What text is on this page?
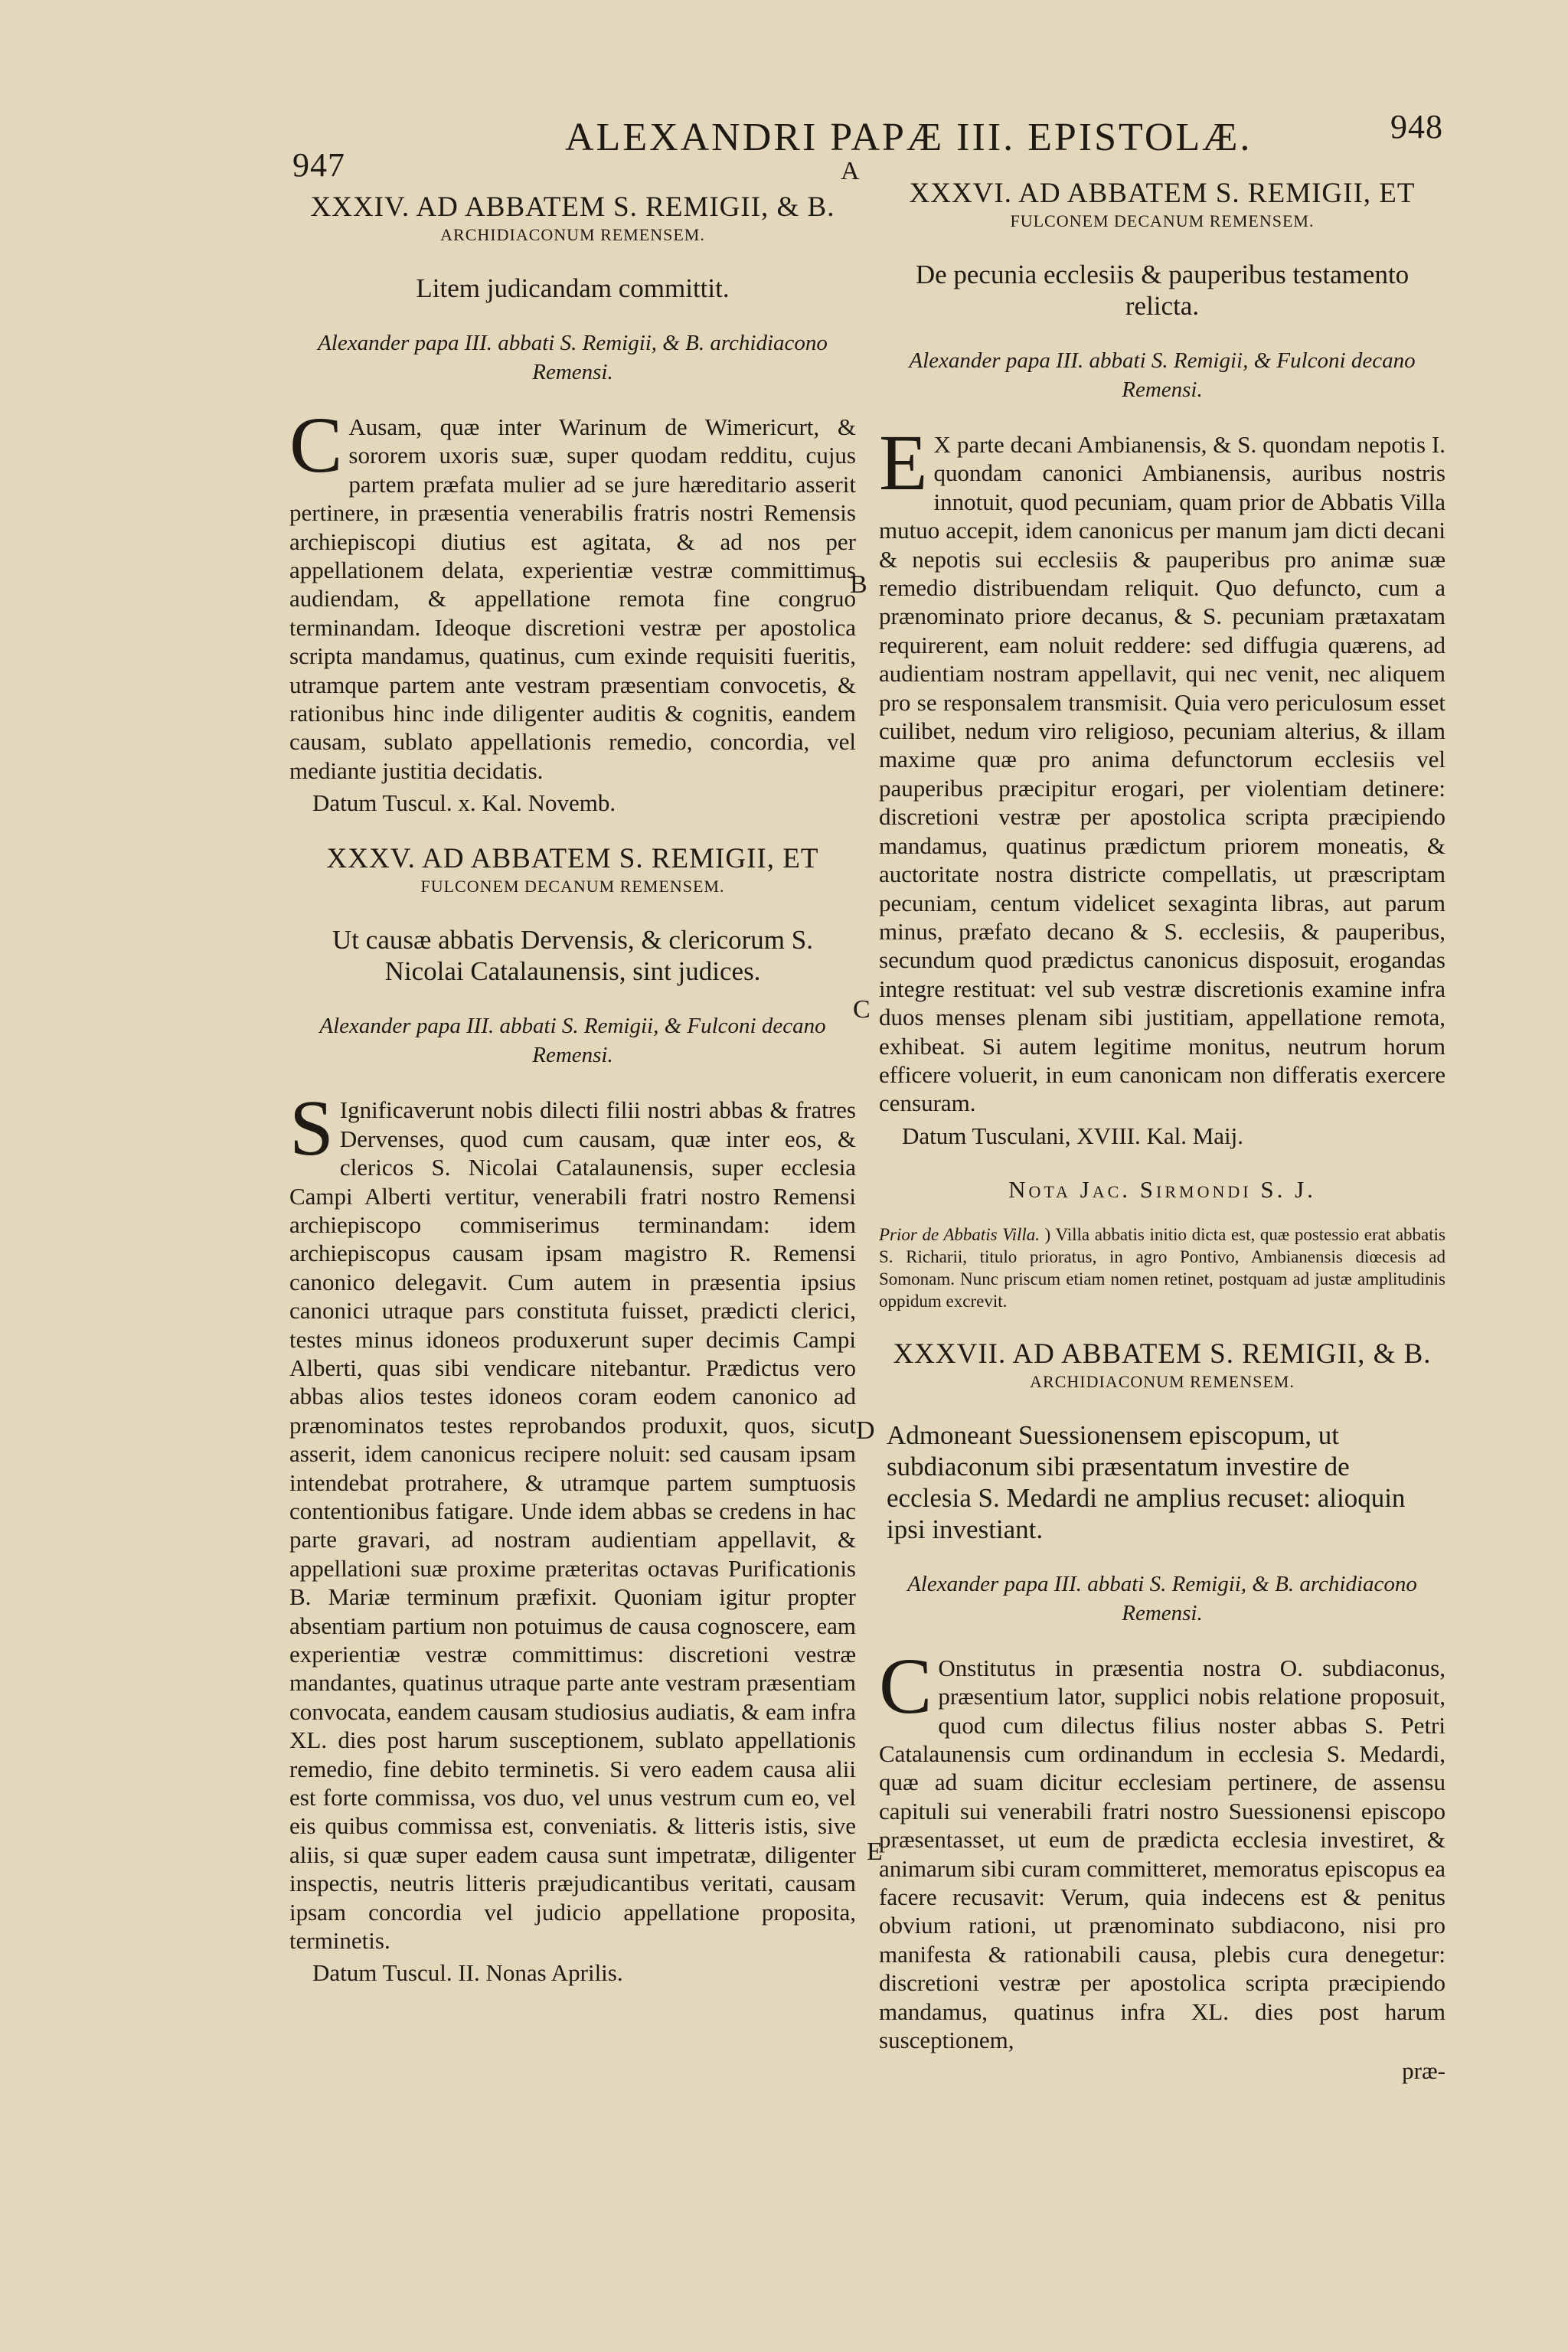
947
ALEXANDRI PAPÆ III. EPISTOLÆ.	948
A
B
C
D
E
XXXIV. AD ABBATEM S. REMIGII, & B.
ARCHIDIACONUM REMENSEM.
Litem judicandam committit.
Alexander papa III. abbati S. Remigii, & B. archidiacono Remensi.
C Ausam, quæ inter Warinum de Wimericurt, & sororem uxoris suæ, super quodam redditu, cujus partem præfata mulier ad se jure hæreditario asserit pertinere, in præsentia venerabilis fratris nostri Remensis archiepiscopi diutius est agitata, & ad nos per appellationem delata, experientiæ vestræ committimus audiendam, & appellatione remota fine congruo terminandam. Ideoque discretioni vestræ per apostolica scripta mandamus, quatinus, cum exinde requisiti fueritis, utramque partem ante vestram præsentiam convocetis, & rationibus hinc inde diligenter auditis & cognitis, eandem causam, sublato appellationis remedio, concordia, vel mediante justitia decidatis.
Datum Tuscul. x. Kal. Novemb.
XXXV. AD ABBATEM S. REMIGII, ET
FULCONEM DECANUM REMENSEM.
Ut causæ abbatis Dervensis, & clericorum S. Nicolai Catalaunensis, sint judices.
Alexander papa III. abbati S. Remigii, & Fulconi decano Remensi.
S Ignificaverunt nobis dilecti filii nostri abbas & fratres Dervenses, quod cum causam, quæ inter eos, & clericos S. Nicolai Catalaunensis, super ecclesia Campi Alberti vertitur, venerabili fratri nostro Remensi archiepiscopo commiserimus terminandam: idem archiepiscopus causam ipsam magistro R. Remensi canonico delegavit. Cum autem in præsentia ipsius canonici utraque pars constituta fuisset, prædicti clerici, testes minus idoneos produxerunt super decimis Campi Alberti, quas sibi vendicare nitebantur. Prædictus vero abbas alios testes idoneos coram eodem canonico ad prænominatos testes reprobandos produxit, quos, sicut asserit, idem canonicus recipere noluit: sed causam ipsam intendebat protrahere, & utramque partem sumptuosis contentionibus fatigare. Unde idem abbas se credens in hac parte gravari, ad nostram audientiam appellavit, & appellationi suæ proxime præteritas octavas Purificationis B. Mariæ terminum præfixit. Quoniam igitur propter absentiam partium non potuimus de causa cognoscere, eam experientiæ vestræ committimus: discretioni vestræ mandantes, quatinus utraque parte ante vestram præsentiam convocata, eandem causam studiosius audiatis, & eam infra XL. dies post harum susceptionem, sublato appellationis remedio, fine debito terminetis. Si vero eadem causa alii est forte commissa, vos duo, vel unus vestrum cum eo, vel eis quibus commissa est, conveniatis. & litteris istis, sive aliis, si quæ super eadem causa sunt impetratæ, diligenter inspectis, neutris litteris præjudicantibus veritati, causam ipsam concordia vel judicio appellatione proposita, terminetis.
Datum Tuscul. II. Nonas Aprilis.
XXXVI. AD ABBATEM S. REMIGII, ET
FULCONEM DECANUM REMENSEM.
De pecunia ecclesiis & pauperibus testamento relicta.
Alexander papa III. abbati S. Remigii, & Fulconi decano Remensi.
E X parte decani Ambianensis, & S. quondam nepotis I. quondam canonici Ambianensis, auribus nostris innotuit, quod pecuniam, quam prior de Abbatis Villa mutuo accepit, idem canonicus per manum jam dicti decani & nepotis sui ecclesiis & pauperibus pro animæ suæ remedio distribuendam reliquit. Quo defuncto, cum a prænominato priore decanus, & S. pecuniam prætaxatam requirerent, eam noluit reddere: sed diffugia quærens, ad audientiam nostram appellavit, qui nec venit, nec aliquem pro se responsalem transmisit. Quia vero periculosum esset cuilibet, nedum viro religioso, pecuniam alterius, & illam maxime quæ pro anima defunctorum ecclesiis vel pauperibus præcipitur erogari, per violentiam detinere: discretioni vestræ per apostolica scripta præcipiendo mandamus, quatinus prædictum priorem moneatis, & auctoritate nostra districte compellatis, ut præscriptam pecuniam, centum videlicet sexaginta libras, aut parum minus, præfato decano & S. ecclesiis, & pauperibus, secundum quod prædictus canonicus disposuit, erogandas integre restituat: vel sub vestræ discretionis examine infra duos menses plenam sibi justitiam, appellatione remota, exhibeat. Si autem legitime monitus, neutrum horum efficere voluerit, in eum canonicam non differatis exercere censuram.
Datum Tusculani, XVIII. Kal. Maij.
Nota Jac. Sirmondi S. J.
Prior de Abbatis Villa. ) Villa abbatis initio dicta est, quæ postessio erat abbatis S. Richarii, titulo prioratus, in agro Pontivo, Ambianensis diœcesis ad Somonam. Nunc priscum etiam nomen retinet, postquam ad justæ amplitudinis oppidum excrevit.
XXXVII. AD ABBATEM S. REMIGII, & B.
ARCHIDIACONUM REMENSEM.
Admoneant Suessionensem episcopum, ut subdiaconum sibi præsentatum investire de ecclesia S. Medardi ne amplius recuset: alioquin ipsi investiant.
Alexander papa III. abbati S. Remigii, & B. archidiacono Remensi.
C Onstitutus in præsentia nostra O. subdiaconus, præsentium lator, supplici nobis relatione proposuit, quod cum dilectus filius noster abbas S. Petri Catalaunensis cum ordinandum in ecclesia S. Medardi, quæ ad suam dicitur ecclesiam pertinere, de assensu capituli sui venerabili fratri nostro Suessionensi episcopo præsentasset, ut eum de prædicta ecclesia investiret, & animarum sibi curam committeret, memoratus episcopus ea facere recusavit: Verum, quia indecens est & penitus obvium rationi, ut prænominato subdiacono, nisi pro manifesta & rationabili causa, plebis cura denegetur: discretioni vestræ per apostolica scripta præcipiendo mandamus, quatinus infra XL. dies post harum susceptionem,
præ-
